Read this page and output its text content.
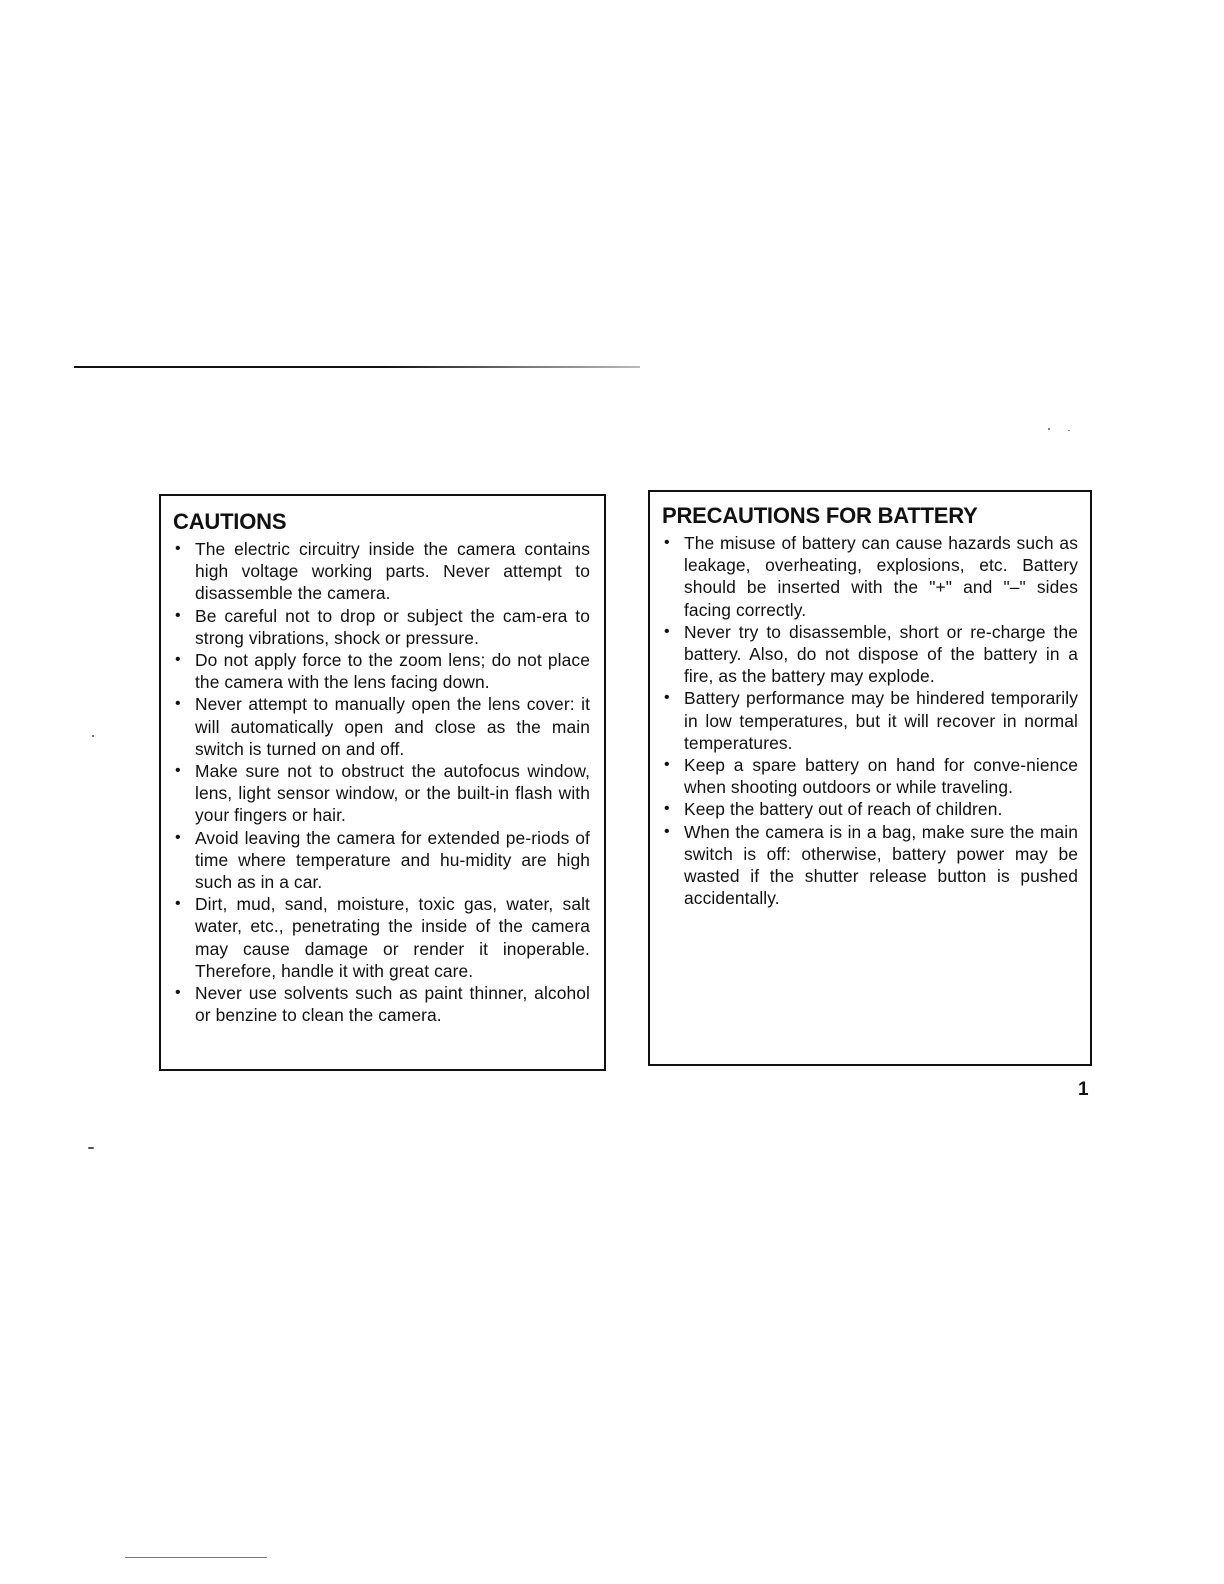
CAUTIONS
• The electric circuitry inside the camera contains high voltage working parts. Never attempt to disassemble the camera.
• Be careful not to drop or subject the cam-era to strong vibrations, shock or pressure.
• Do not apply force to the zoom lens; do not place the camera with the lens facing down.
• Never attempt to manually open the lens cover: it will automatically open and close as the main switch is turned on and off.
• Make sure not to obstruct the autofocus window, lens, light sensor window, or the built-in flash with your fingers or hair.
• Avoid leaving the camera for extended pe-riods of time where temperature and hu-midity are high such as in a car.
• Dirt, mud, sand, moisture, toxic gas, water, salt water, etc., penetrating the inside of the camera may cause damage or render it inoperable. Therefore, handle it with great care.
• Never use solvents such as paint thinner, alcohol or benzine to clean the camera.
PRECAUTIONS FOR BATTERY
• The misuse of battery can cause hazards such as leakage, overheating, explosions, etc. Battery should be inserted with the "+" and "–" sides facing correctly.
• Never try to disassemble, short or re-charge the battery. Also, do not dispose of the battery in a fire, as the battery may explode.
• Battery performance may be hindered temporarily in low temperatures, but it will recover in normal temperatures.
• Keep a spare battery on hand for conve-nience when shooting outdoors or while traveling.
• Keep the battery out of reach of children.
• When the camera is in a bag, make sure the main switch is off: otherwise, battery power may be wasted if the shutter release button is pushed accidentally.
1
